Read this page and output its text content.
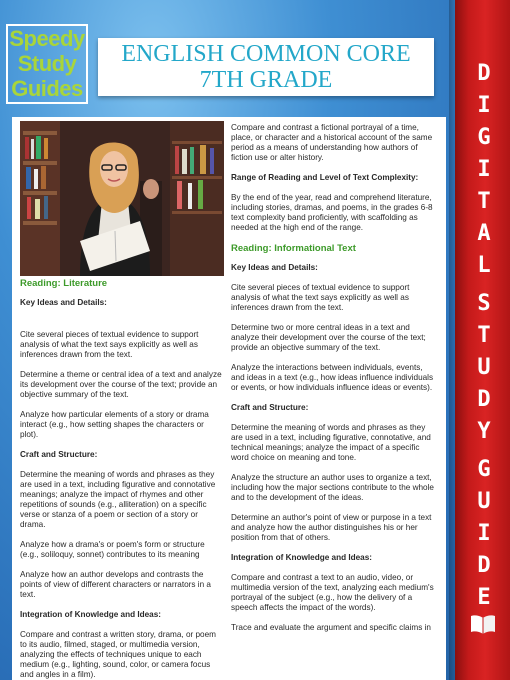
Speedy
Study
Guides
ENGLISH COMMON CORE
7TH GRADE

Reading: Literature

Key Ideas and Details:

Cite several pieces of textual evidence to support analysis of what the text says explicitly as well as inferences drawn from the text.

Determine a theme or central idea of a text and analyze its development over the course of the text; provide an objective summary of the text.

Analyze how particular elements of a story or drama interact (e.g., how setting shapes the characters or plot).

Craft and Structure:

Determine the meaning of words and phrases as they are used in a text, including figurative and connotative meanings; analyze the impact of rhymes and other repetitions of sounds (e.g., alliteration) on a specific verse or stanza of a poem or section of a story or drama.

Analyze how a drama's or poem's form or structure (e.g., soliloquy, sonnet) contributes to its meaning

Analyze how an author develops and contrasts the points of view of different characters or narrators in a text.

Integration of Knowledge and Ideas:

Compare and contrast a written story, drama, or poem to its audio, filmed, staged, or multimedia version, analyzing the effects of techniques unique to each medium (e.g., lighting, sound, color, or camera focus and angles in a film).

Compare and contrast a fictional portrayal of a time, place, or character and a historical account of the same period as a means of understanding how authors of fiction use or alter history.

Range of Reading and Level of Text Complexity:

By the end of the year, read and comprehend literature, including stories, dramas, and poems, in the grades 6-8 text complexity band proficiently, with scaffolding as needed at the high end of the range.

Reading: Informational Text

Key Ideas and Details:

Cite several pieces of textual evidence to support analysis of what the text says explicitly as well as inferences drawn from the text.

Determine two or more central ideas in a text and analyze their development over the course of the text; provide an objective summary of the text.

Analyze the interactions between individuals, events, and ideas in a text (e.g., how ideas influence individuals or events, or how individuals influence ideas or events).

Craft and Structure:

Determine the meaning of words and phrases as they are used in a text, including figurative, connotative, and technical meanings; analyze the impact of a specific word choice on meaning and tone.

Analyze the structure an author uses to organize a text, including how the major sections contribute to the whole and to the development of the ideas.

Determine an author's point of view or purpose in a text and analyze how the author distinguishes his or her position from that of others.

Integration of Knowledge and Ideas:

Compare and contrast a text to an audio, video, or multimedia version of the text, analyzing each medium's portrayal of the subject (e.g., how the delivery of a speech affects the impact of the words).

Trace and evaluate the argument and specific claims in

D
I
G
I
T
A
L
S
T
U
D
Y
G
U
I
D
E
